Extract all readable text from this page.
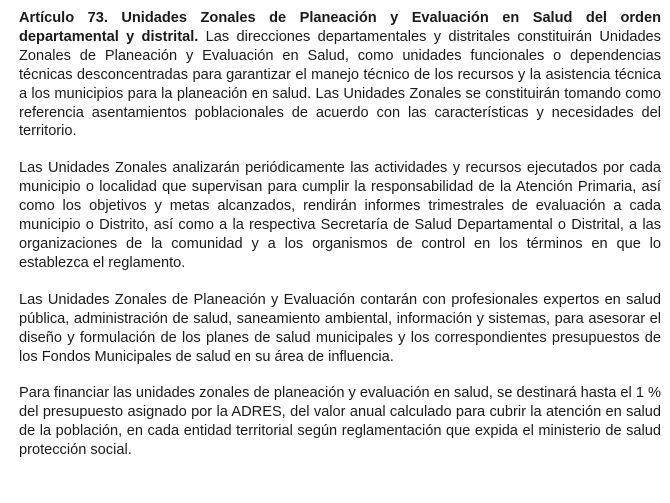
Artículo 73. Unidades Zonales de Planeación y Evaluación en Salud del orden departamental y distrital. Las direcciones departamentales y distritales constituirán Unidades Zonales de Planeación y Evaluación en Salud, como unidades funcionales o dependencias técnicas desconcentradas para garantizar el manejo técnico de los recursos y la asistencia técnica a los municipios para la planeación en salud. Las Unidades Zonales se constituirán tomando como referencia asentamientos poblacionales de acuerdo con las características y necesidades del territorio.

Las Unidades Zonales analizarán periódicamente las actividades y recursos ejecutados por cada municipio o localidad que supervisan para cumplir la responsabilidad de la Atención Primaria, así como los objetivos y metas alcanzados, rendirán informes trimestrales de evaluación a cada municipio o Distrito, así como a la respectiva Secretaría de Salud Departamental o Distrital, a las organizaciones de la comunidad y a los organismos de control en los términos en que lo establezca el reglamento.

Las Unidades Zonales de Planeación y Evaluación contarán con profesionales expertos en salud pública, administración de salud, saneamiento ambiental, información y sistemas, para asesorar el diseño y formulación de los planes de salud municipales y los correspondientes presupuestos de los Fondos Municipales de salud en su área de influencia.

Para financiar las unidades zonales de planeación y evaluación en salud, se destinará hasta el 1 % del presupuesto asignado por la ADRES, del valor anual calculado para cubrir la atención en salud de la población, en cada entidad territorial según reglamentación que expida el ministerio de salud protección social.
